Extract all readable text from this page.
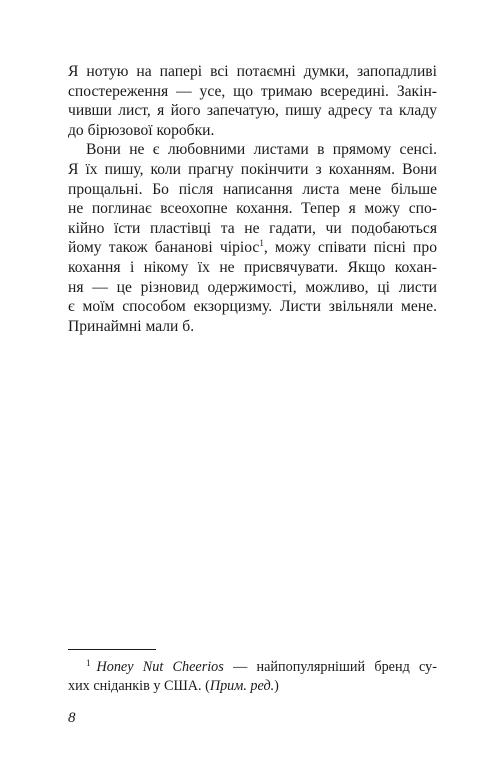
Я нотую на папері всі потаємні думки, запопадливі
спостереження — усе, що тримаю всередині. Закін-
чивши лист, я його запечатую, пишу адресу та кладу
до бірюзової коробки.
Вони не є любовними листами в прямому сенсі.
Я їх пишу, коли прагну покінчити з коханням. Вони
прощальні. Бо після написання листа мене більше
не поглинає всеохопне кохання. Тепер я можу спо-
кійно їсти пластівці та не гадати, чи подобаються
йому також бананові чіріос$^1$, можу співати пісні про
кохання і нікому їх не присвячувати. Якщо кохан-
ня — це різновид одержимості, можливо, ці листи
є моїм способом екзорцизму. Листи звільняли мене.
Принаймні мали б.
$^1$ Honey Nut Cheerios — найпопулярніший бренд су-
хих сніданків у США. (Прим. ред.)
8
